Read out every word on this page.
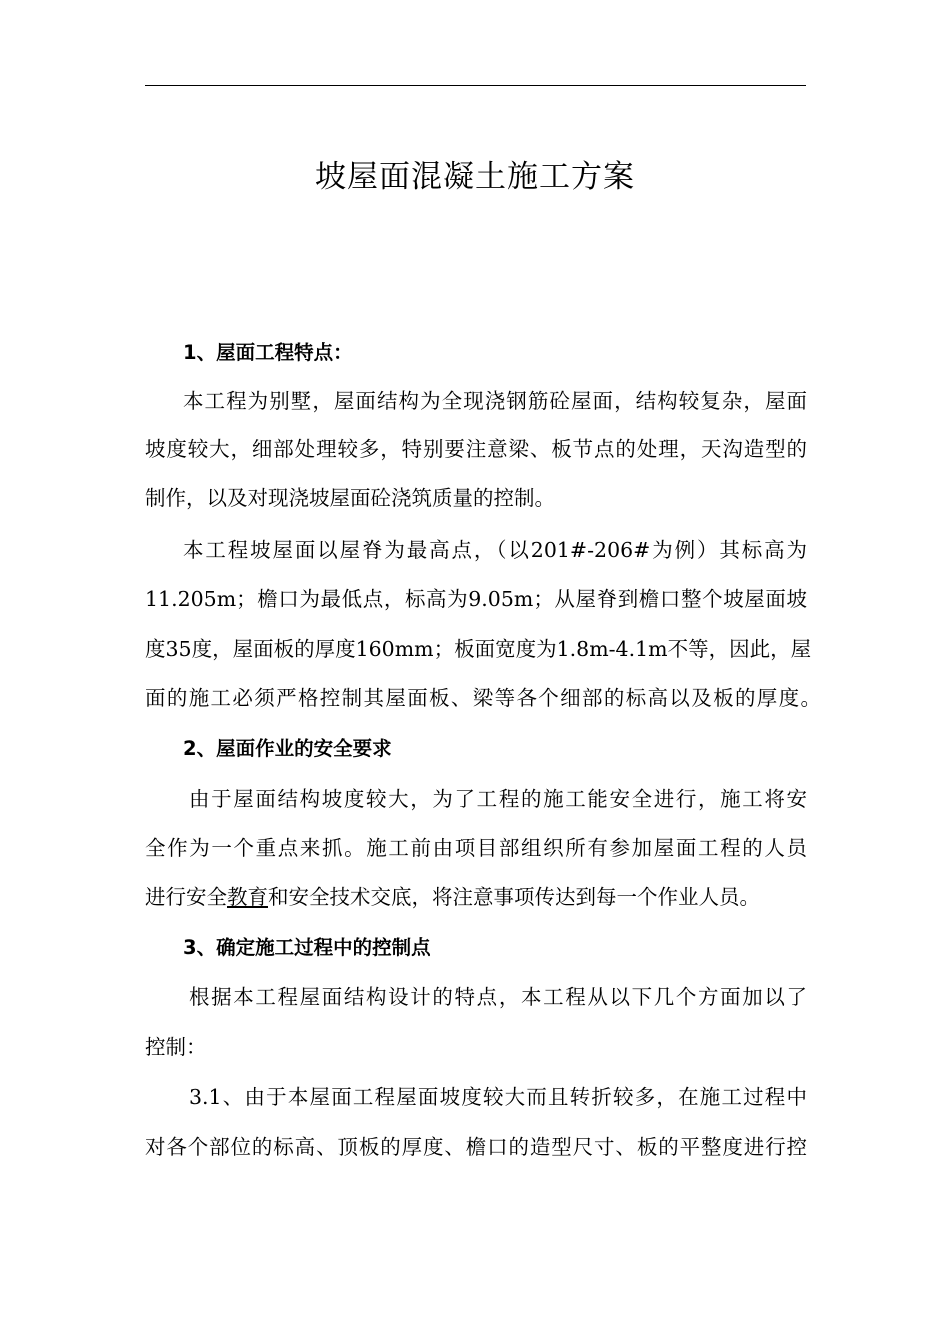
坡屋面混凝土施工方案
1、屋面工程特点：
本工程为别墅，屋面结构为全现浇钢筋砼屋面，结构较复杂，屋面
坡度较大，细部处理较多，特别要注意梁、板节点的处理，天沟造型的
制作，以及对现浇坡屋面砼浇筑质量的控制。
本工程坡屋面以屋脊为最高点，（以201#-206#为例）其标高为
11.205m；檐口为最低点，标高为9.05m；从屋脊到檐口整个坡屋面坡
度35度，屋面板的厚度160mm；板面宽度为1.8m-4.1m不等，因此，屋
面的施工必须严格控制其屋面板、梁等各个细部的标高以及板的厚度。
2、屋面作业的安全要求
由于屋面结构坡度较大，为了工程的施工能安全进行，施工将安
全作为一个重点来抓。施工前由项目部组织所有参加屋面工程的人员
进行安全教育和安全技术交底，将注意事项传达到每一个作业人员。
3、确定施工过程中的控制点
根据本工程屋面结构设计的特点，本工程从以下几个方面加以了
控制：
3.1、由于本屋面工程屋面坡度较大而且转折较多，在施工过程中
对各个部位的标高、顶板的厚度、檐口的造型尺寸、板的平整度进行控
